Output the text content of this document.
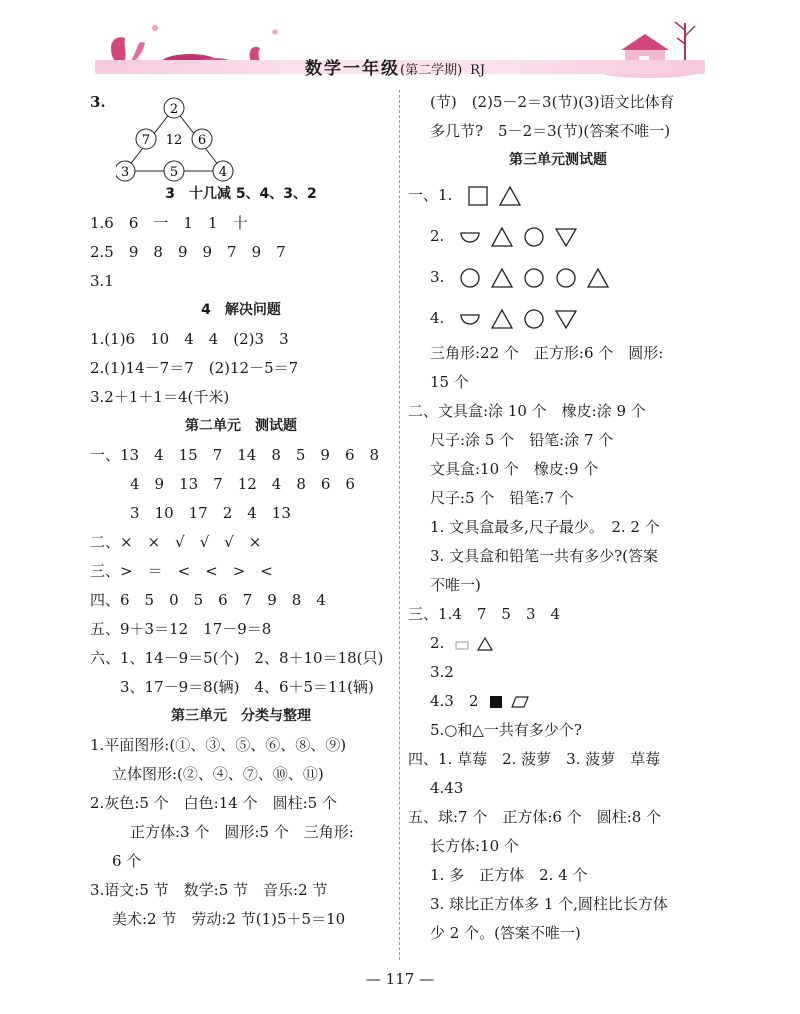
数学一年级(第二学期) RJ
3.	2
7 12 6
3	5	4
3　十几减 5、4、3、2
1.6　6　一　1　1　十
2.5　9　8　9　9　7　9　7
3.1
4　解决问题
1.(1)6　10　4　4　(2)3　3
2.(1)14－7＝7　(2)12－5＝7
3.2＋1＋1＝4(千米)
第二单元　测试题
一、13　4　15　7　14　8　5　9　6　8
4　9　13　7　12　4　8　6　6
3　10　17　2　4　13
二、×　×　√　√　√　×
三、>　＝　<　<　>　<
四、6　5　0　5　6　7　9　8　4
五、9＋3＝12　17－9＝8
六、1、14－9＝5(个)　2、8＋10＝18(只)
3、17－9＝8(辆)　4、6＋5＝11(辆)
第三单元　分类与整理
1.平面图形:(①、③、⑤、⑥、⑧、⑨)
立体图形:(②、④、⑦、⑩、⑪)
2.灰色:5 个　白色:14 个　圆柱:5 个
正方体:3 个　圆形:5 个　三角形:
6 个
3.语文:5 节　数学:5 节　音乐:2 节
美术:2 节　劳动:2 节(1)5＋5＝10
(节)　(2)5－2＝3(节)(3)语文比体育
多几节?　5－2＝3(节)(答案不唯一)
第三单元测试题
一、1.
2.
3.
4.
三角形:22 个　正方形:6 个　圆形:
15 个
二、文具盒:涂 10 个　橡皮:涂 9 个
尺子:涂 5 个　铅笔:涂 7 个
文具盒:10 个　橡皮:9 个
尺子:5 个　铅笔:7 个
1. 文具盒最多,尺子最少。　2. 2 个
3. 文具盒和铅笔一共有多少?(答案
不唯一)
三、1.4　7　5　3　4
2.
3.2
4.3　2
5.○和△一共有多少个?
四、1. 草莓　2. 菠萝　3. 菠萝　草莓
4.43
五、球:7 个　正方体:6 个　圆柱:8 个
长方体:10 个
1. 多　正方体　2. 4 个
3. 球比正方体多 1 个,圆柱比长方体
少 2 个。(答案不唯一)
— 117 —
